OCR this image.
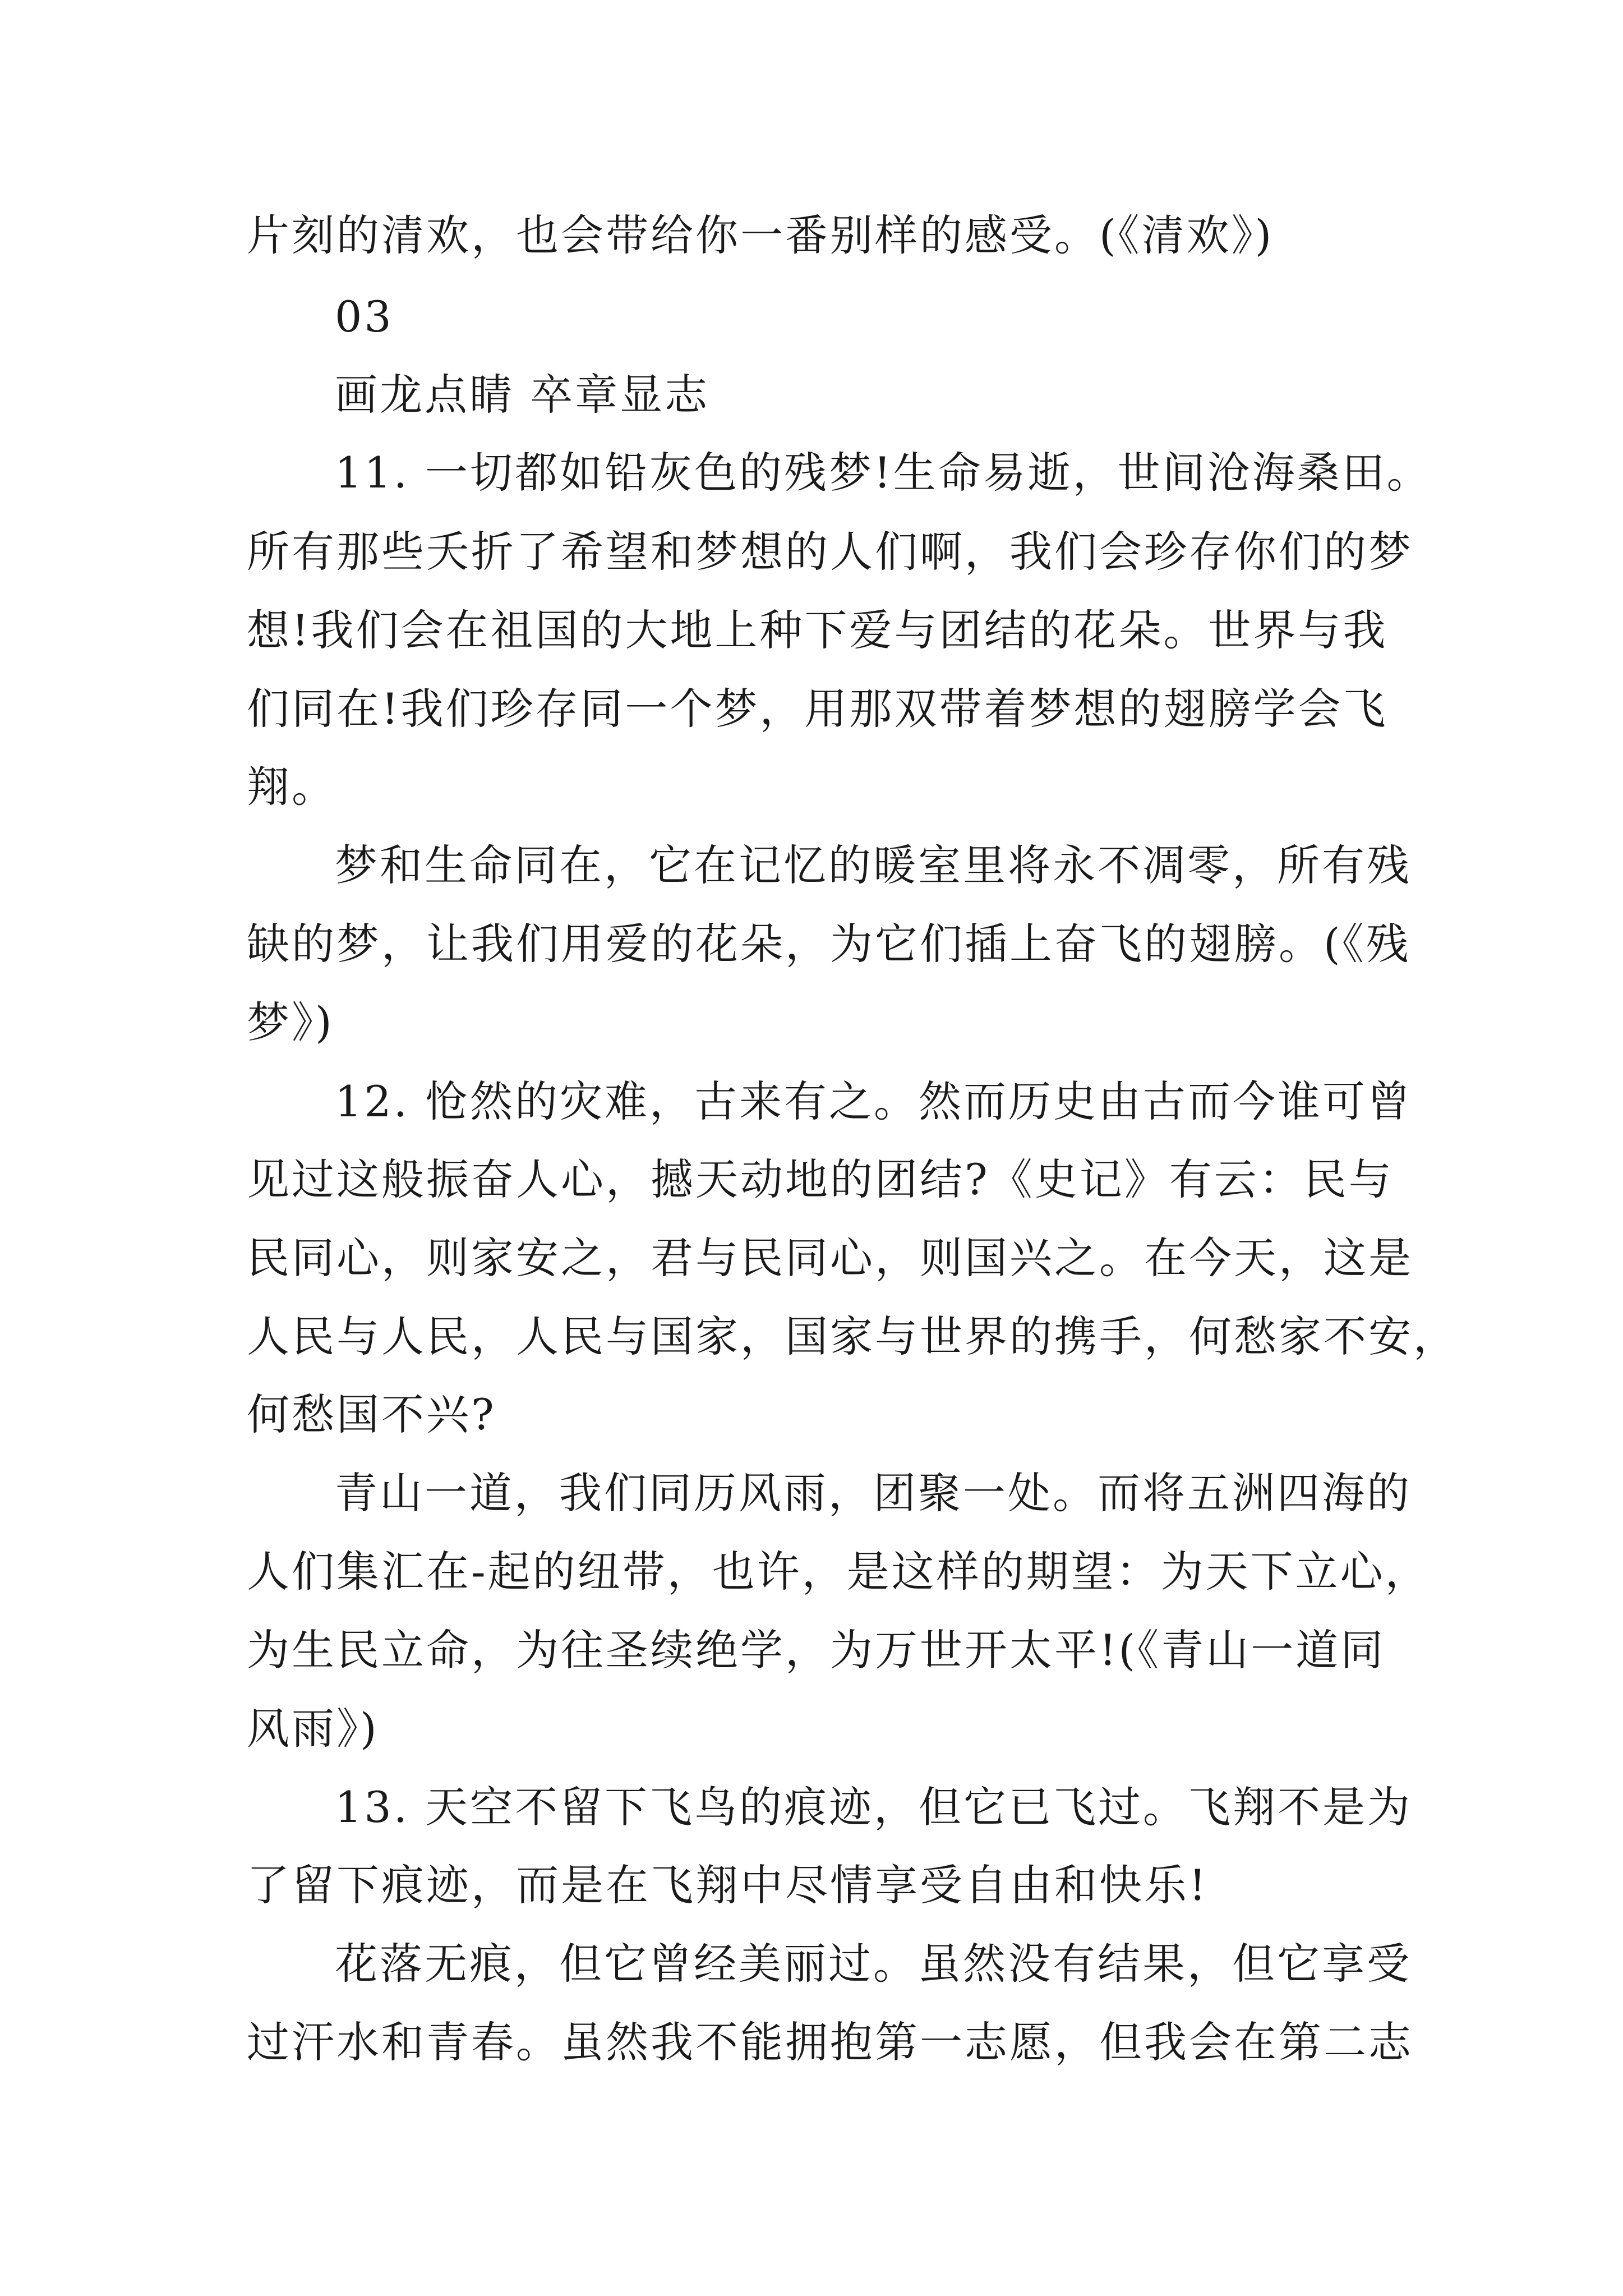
片刻的清欢，也会带给你一番别样的感受。(《清欢》)

03

画龙点睛 卒章显志

11. 一切都如铅灰色的残梦!生命易逝，世间沧海桑田。

所有那些夭折了希望和梦想的人们啊，我们会珍存你们的梦

想!我们会在祖国的大地上种下爱与团结的花朵。世界与我

们同在!我们珍存同一个梦，用那双带着梦想的翅膀学会飞

翔。

梦和生命同在，它在记忆的暖室里将永不凋零，所有残

缺的梦，让我们用爱的花朵，为它们插上奋飞的翅膀。(《残

梦》)

12. 怆然的灾难，古来有之。然而历史由古而今谁可曾

见过这般振奋人心，撼天动地的团结?《史记》有云：民与

民同心，则家安之，君与民同心，则国兴之。在今天，这是

人民与人民，人民与国家，国家与世界的携手，何愁家不安，

何愁国不兴?

青山一道，我们同历风雨，团聚一处。而将五洲四海的

人们集汇在-起的纽带，也许，是这样的期望：为天下立心，

为生民立命，为往圣续绝学，为万世开太平!(《青山一道同

风雨》)

13. 天空不留下飞鸟的痕迹，但它已飞过。飞翔不是为

了留下痕迹，而是在飞翔中尽情享受自由和快乐!

花落无痕，但它曾经美丽过。虽然没有结果，但它享受

过汗水和青春。虽然我不能拥抱第一志愿，但我会在第二志
